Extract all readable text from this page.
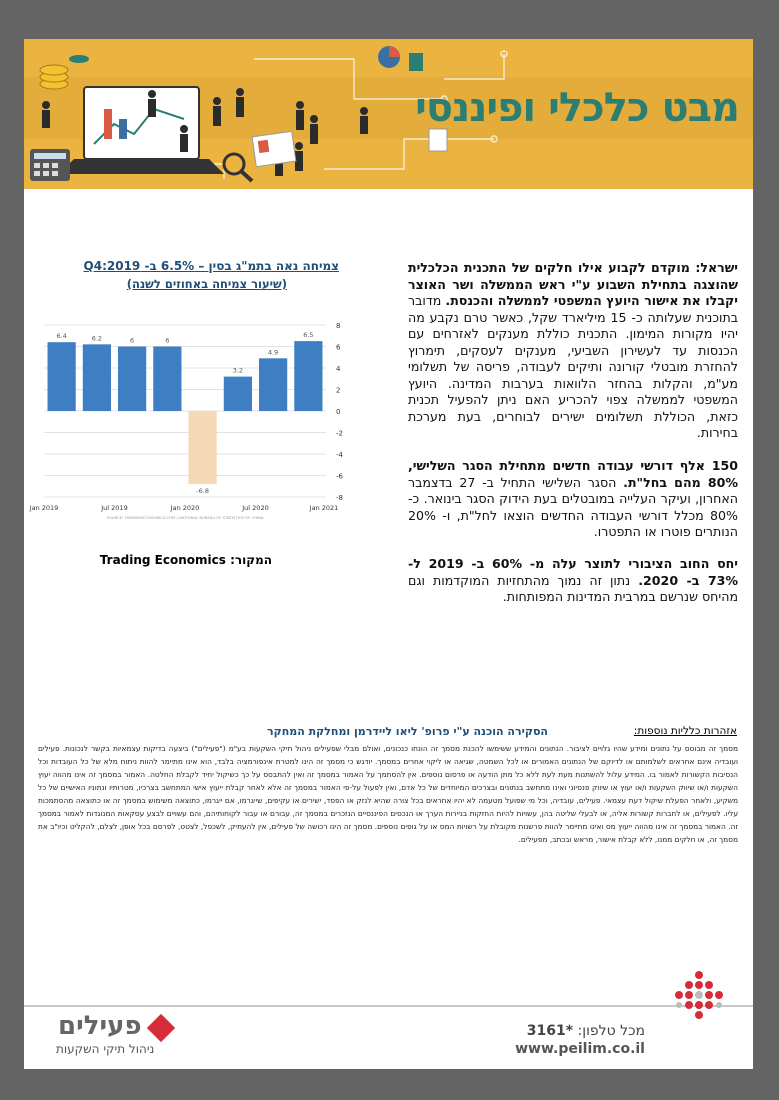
מבט כלכלי ופיננסי
צמיחה נאה בתמ"ג בסין – 6.5% ב- Q4:2019
(שיעור צמיחה באחוזים לשנה)
-8
-6
-4
-2
0
2
4
6
8
6.4	6.2	6	6
-6.8
3.2
4.9
6.5
Jan 2019	Jul 2019	Jan 2020	Jul 2020	Jan 2021
SOURCE: TRADINGECONOMICS.COM | NATIONAL BUREAU OF STATISTICS OF CHINA
המקור: Trading Economics
ישראל: מוקדם לקבוע אילו חלקים של התכנית הכלכלית שהוצגה בתחילת השבוע ע"י ראש הממשלה ושר האוצר יקבלו את אישור היועץ המשפטי לממשלה והכנסת. מדובר בתוכנית שעלותה כ- 15 מיליארד שקל, כאשר טרם נקבע מה יהיו מקורות המימון. התכנית כוללת מענקים לאזרחים עם הכנסות עד לעשירון השביעי, מענקים לעסקים, תימרוץ להחזרת מובטלי קורונה ותיקים לעבודה, פריסה של תשלומי מע"מ, והקלות בהחזר הלוואות בערבות המדינה. היועץ המשפטי לממשלה צפוי להכריע האם ניתן להפעיל תכנית כזאת, הכוללת תשלומים ישירים לבוחרים, בעת מערכת בחירות.
150 אלף דורשי עבודה חדשים מתחילת הסגר השלישי, 80% מהם בחל"ת. הסגר השלישי התחיל ב- 27 בדצמבר האחרון, ועיקר העלייה במובטלים בעת הידוק הסגר בינואר. כ- 80% מכלל דורשי העבודה החדשים הוצאו לחל"ת, ו- 20% הנותרים פוטרו או התפטרו.
יחס החוב הציבורי לתוצר עלה מ- 60% ב- 2019 ל- 73% ב- 2020. נתון זה נמוך מהתחזיות המוקדמות וגם מהיחס שנרשם במרבית המדינות המפותחות.
אזהרות כלליות נוספות:
הסקירה הוכנה ע"י פרופ' ליאו ליידרמן ומחלקת המחקר
מסמך זה מבוסס על נתונים ומידע שהיו גלויים לציבור. הנתונים והמידע ששימשו להכנת מסמך זה הונחו כנכונים, ואולם מבלי שפעילים ניהול תיקי השקעות בע"מ ("פעילים") ביצעה בדיקות עצמאיות בקשר לנכונות. פעילים ועובדיה אינם אחראים לשלמותם או לדיוקם של הנתונים האמורים או לכל השמטה, שגיאה או ליקוי אחרים במסמך. יודגש כי מסמך זה הינו למטרת אינפורמציה בלבד, הוא אינו מתיימר להוות ניתוח מלא של כל העובדות וכל הנסיבות הקשורות לאמור בו. המידע עלול להשתנות מעת לעת ללא כל מתן הודעה או פרסום נוספים. אין להסתמך על האמור במסמך זה ואין להתבסס על כך כשיקול יחיד לקבלת החלטה. האמור במסמך זה אינו מהווה יעוץ השקעות ו/או שיווק השקעות ו/או יעוץ או שיווק פנסיוני ואינו מתחשב בנתונים ובצרכים המיוחדים של כל אדם, ואין לפעול על-פי האמור במסמך זה אלא לאחר קבלת ייעוץ אישי המתחשב בצרכיו, מטרותיו ונתוניו האישיים של כל משקיע, ולאחר הפעלת שיקול דעת עצמאי. פעילים, עובדיה, וכל מי שפועל מטעמה לא יהיו אחראים בכל צורה שהיא לנזק או הפסד, ישירים או עקיפים, שייגרמו, אם ייגרמו, כתוצאה משימוש במסמך זה או כתוצאה מהסתמכות עליו. לפעילים, או לחברות קשורות אליה, או לבעלי שליטה בהן, עשויות להיות החזקות בניירות הערך או הנכסים הפיננסיים הנזכרים במסמך זה, עבורם או עבור לקוחותיהם, והם עשויים לבצע עסקאות המנוגדות לאמור במסמך זה. האמור במסמך זה אינו מהווה ייעוץ מס ואינו מתיימר להוות פרשנות מקובלת על רשויות המס או על גופים נוספים. מסמך זה הינו רכושה של פעילים, אין להעתיק, לשכפל, לצטט, לפרסם בכל אופן, לצלם, להקליט וכיו"ב את מסמך זה, או חלקים ממנו, ללא קבלת אישור, מראש ובכתב, מפעילים.
פעילים
ניהול תיקי השקעות
מכל טלפון: *3161
www.peilim.co.il
